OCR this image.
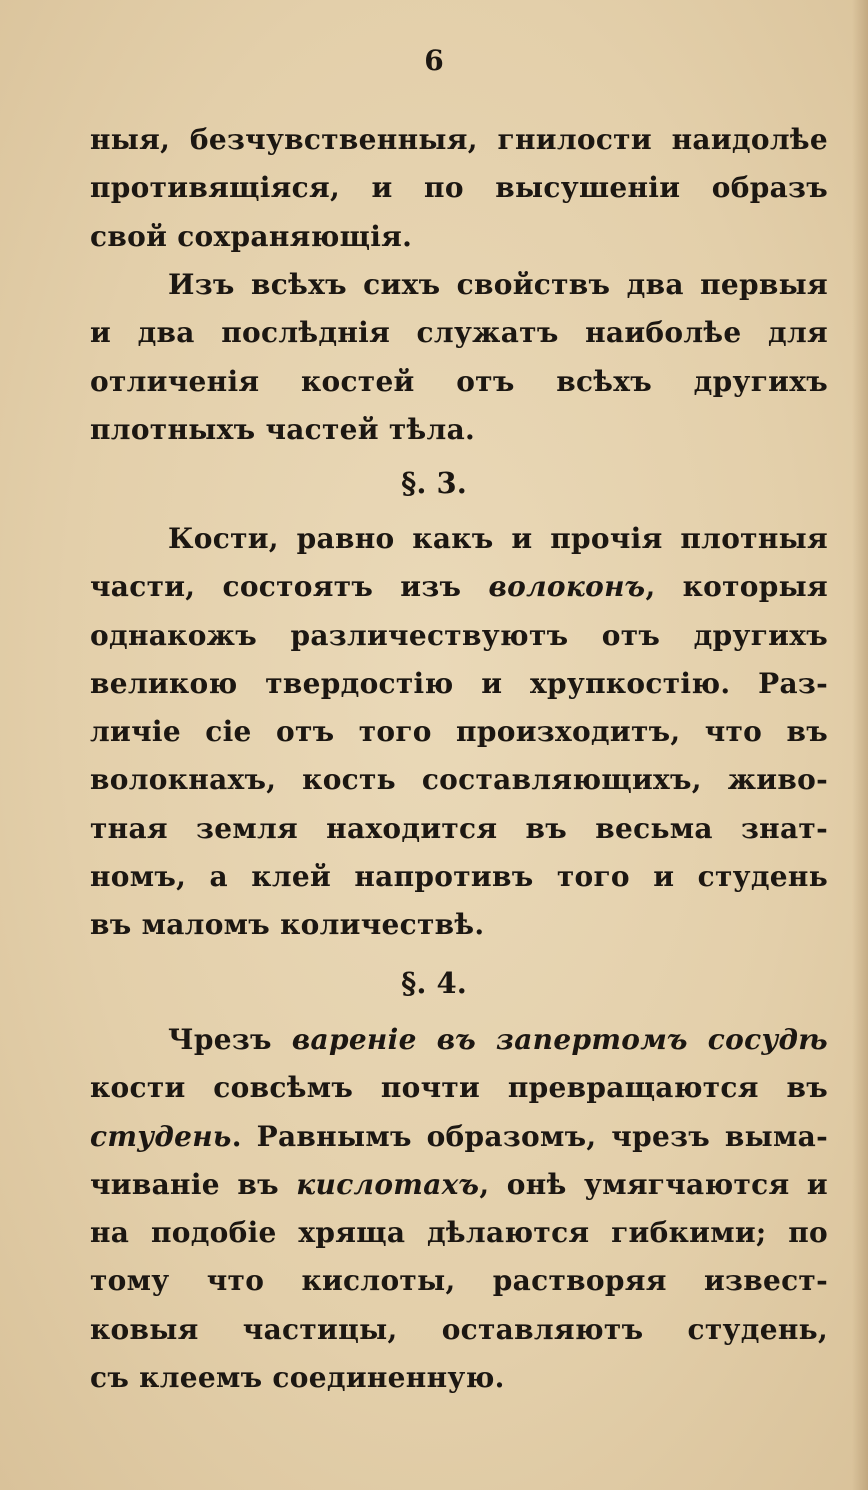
6
ныя, безчувственныя, гнилости наидолѣе
противящіяся, и по высушеніи образъ
свой сохраняющія.
Изъ всѣхъ сихъ свойствъ два первыя
и два послѣднія служатъ наиболѣе для
отличенія костей отъ всѣхъ другихъ
плотныхъ частей тѣла.
§. 3.
Кости, равно какъ и прочія плотныя
части, состоятъ изъ волоконъ, которыя
однакожъ различествуютъ отъ другихъ
великою твердостію и хрупкостію. Раз-
личіе сіе отъ того произходитъ, что въ
волокнахъ, кость составляющихъ, живо-
тная земля находится въ весьма знат-
номъ, а клей напротивъ того и студень
въ маломъ количествѣ.
§. 4.
Чрезъ вареніе въ запертомъ сосудѣ
кости совсѣмъ почти превращаются въ
студень. Равнымъ образомъ, чрезъ выма-
чиваніе въ кислотахъ, онѣ умягчаются и
на подобіе хряща дѣлаются гибкими; по
тому что кислоты, растворяя извест-
ковыя частицы, оставляютъ студень,
съ клеемъ соединенную.
